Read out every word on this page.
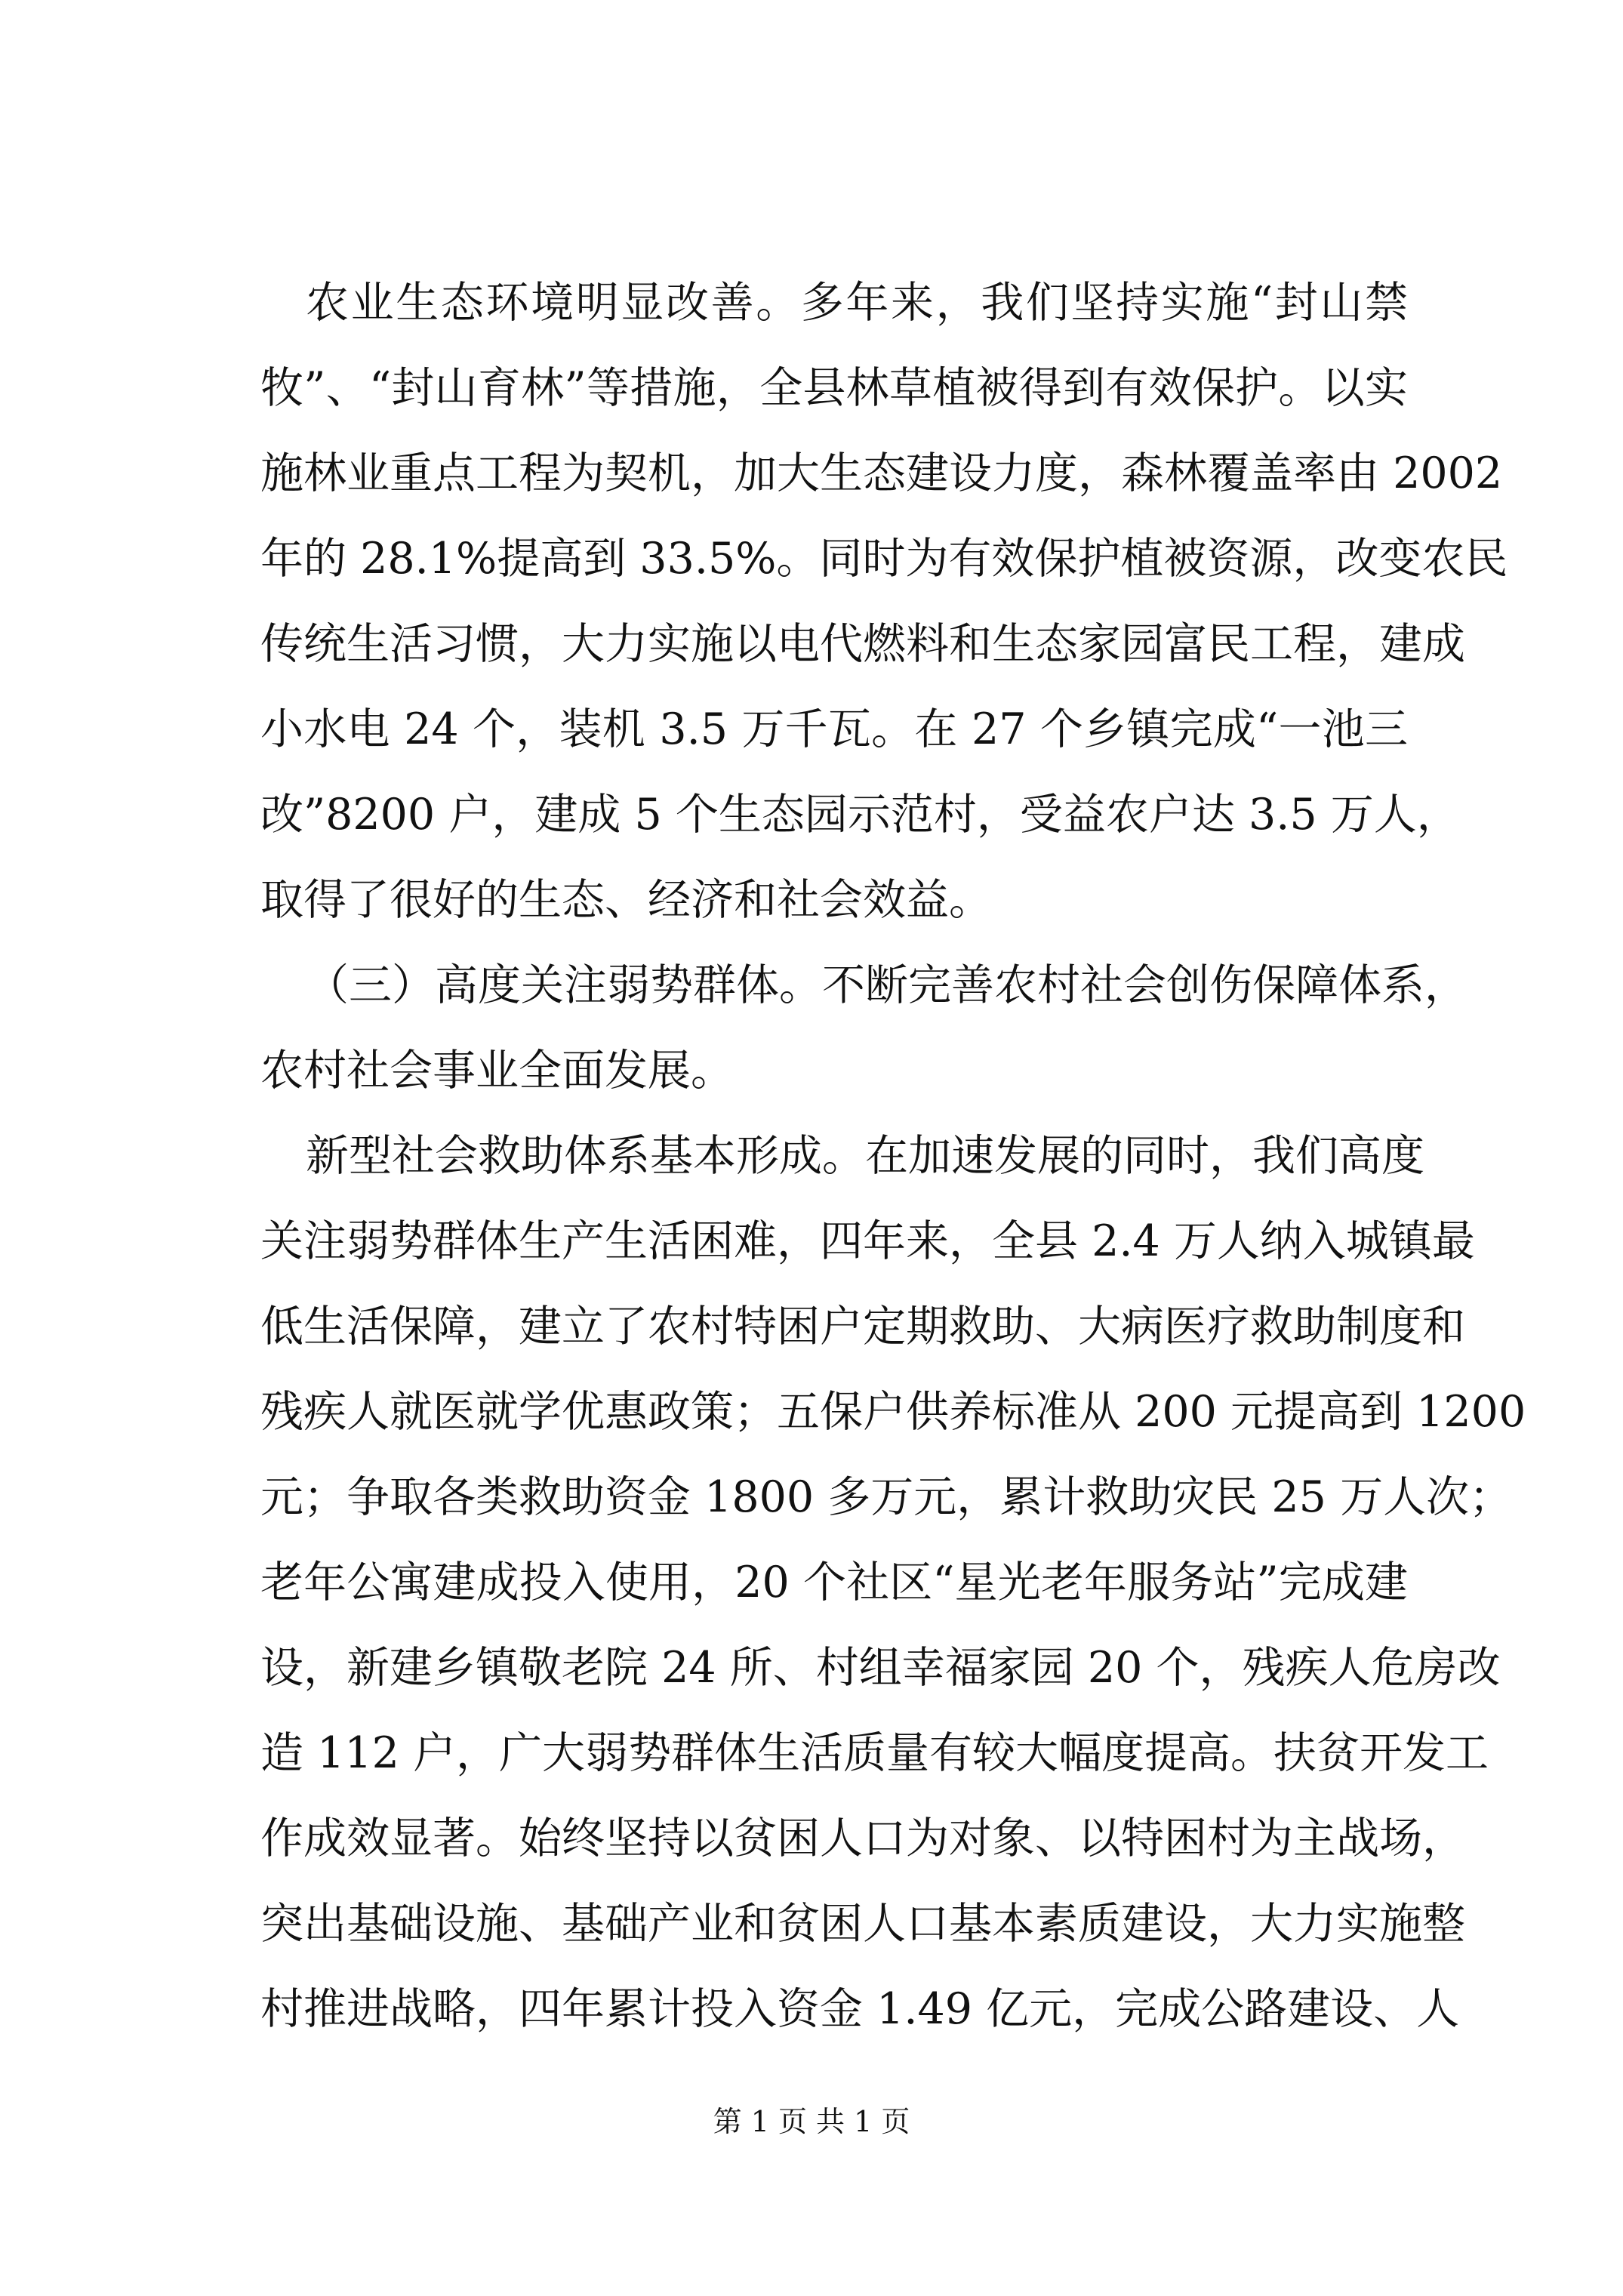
农业生态环境明显改善。多年来，我们坚持实施“封山禁
牧”、“封山育林”等措施，全县林草植被得到有效保护。以实
施林业重点工程为契机，加大生态建设力度，森林覆盖率由 2002
年的 28.1%提高到 33.5%。同时为有效保护植被资源，改变农民
传统生活习惯，大力实施以电代燃料和生态家园富民工程，建成
小水电 24 个，装机 3.5 万千瓦。在 27 个乡镇完成“一池三
改”8200 户，建成 5 个生态园示范村，受益农户达 3.5 万人，
取得了很好的生态、经济和社会效益。
（三）高度关注弱势群体。不断完善农村社会创伤保障体系，
农村社会事业全面发展。
新型社会救助体系基本形成。在加速发展的同时，我们高度
关注弱势群体生产生活困难，四年来，全县 2.4 万人纳入城镇最
低生活保障，建立了农村特困户定期救助、大病医疗救助制度和
残疾人就医就学优惠政策；五保户供养标准从 200 元提高到 1200
元；争取各类救助资金 1800 多万元，累计救助灾民 25 万人次；
老年公寓建成投入使用，20 个社区“星光老年服务站”完成建
设，新建乡镇敬老院 24 所、村组幸福家园 20 个，残疾人危房改
造 112 户，广大弱势群体生活质量有较大幅度提高。扶贫开发工
作成效显著。始终坚持以贫困人口为对象、以特困村为主战场，
突出基础设施、基础产业和贫困人口基本素质建设，大力实施整
村推进战略，四年累计投入资金 1.49 亿元，完成公路建设、人
第 1 页 共 1 页
